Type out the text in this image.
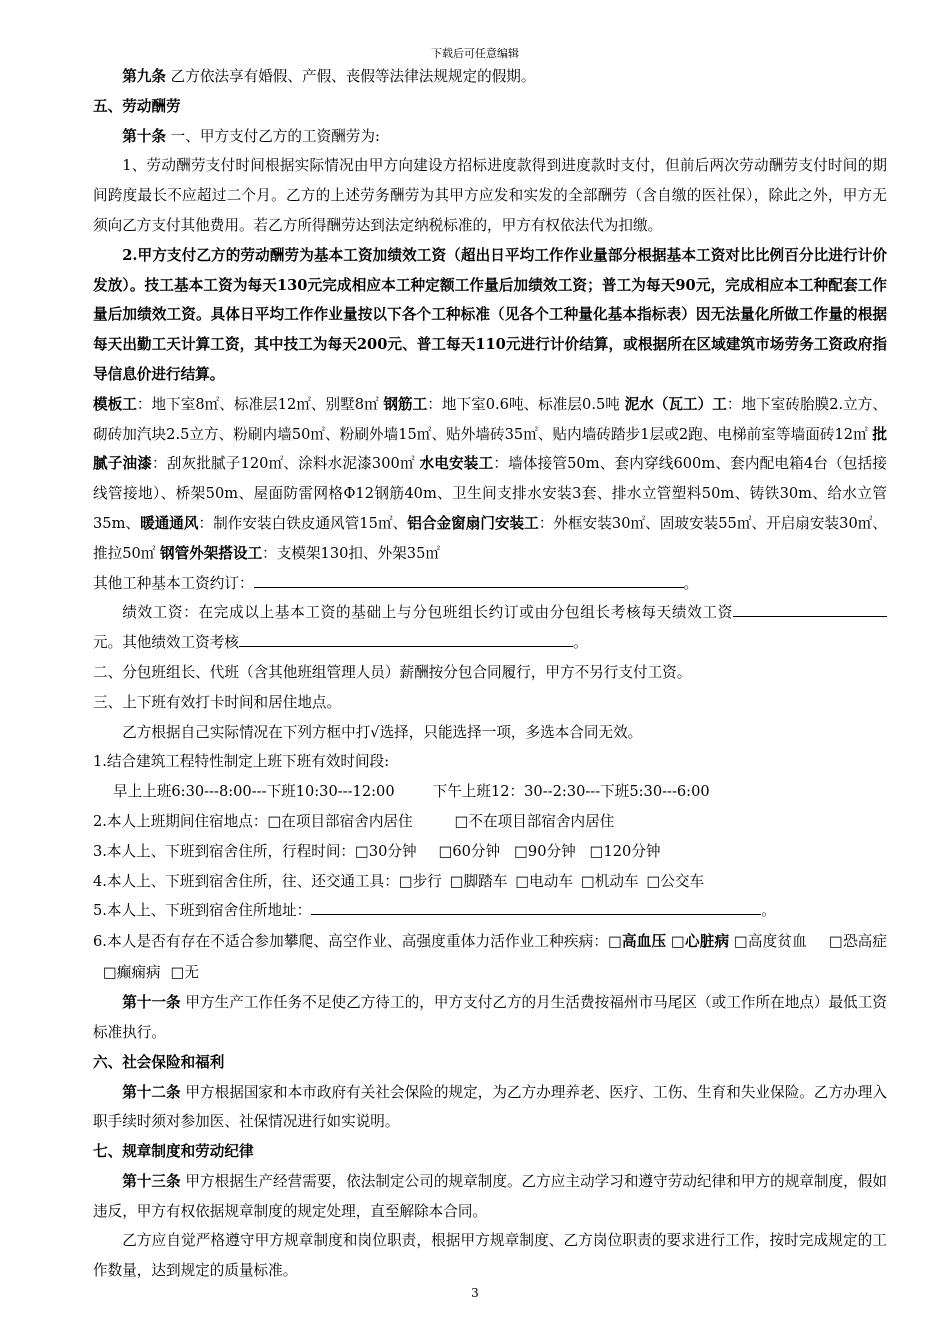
下载后可任意编辑

第九条 乙方依法享有婚假、产假、丧假等法律法规规定的假期。

五、劳动酬劳

第十条 一、甲方支付乙方的工资酬劳为:

1、劳动酬劳支付时间根据实际情况由甲方向建设方招标进度款得到进度款时支付，但前后两次劳动酬劳支付时间的期间跨度最长不应超过二个月。乙方的上述劳务酬劳为其甲方应发和实发的全部酬劳（含自缴的医社保），除此之外，甲方无须向乙方支付其他费用。若乙方所得酬劳达到法定纳税标准的，甲方有权依法代为扣缴。

2.甲方支付乙方的劳动酬劳为基本工资加绩效工资（超出日平均工作作业量部分根据基本工资对比比例百分比进行计价发放）。技工基本工资为每天130元完成相应本工种定额工作量后加绩效工资；普工为每天90元，完成相应本工种配套工作量后加绩效工资。具体日平均工作作业量按以下各个工种标准（见各个工种量化基本指标表）因无法量化所做工作量的根据每天出勤工天计算工资，其中技工为每天200元、普工每天110元进行计价结算，或根据所在区域建筑市场劳务工资政府指导信息价进行结算。

模板工：地下室8㎡、标准层12㎡、别墅8㎡ 钢筋工：地下室0.6吨、标准层0.5吨 泥水（瓦工）工：地下室砖胎膜2.立方、砌砖加汽块2.5立方、粉刷内墙50㎡、粉刷外墙15㎡、贴外墙砖35㎡、贴内墙砖踏步1层或2跑、电梯前室等墙面砖12㎡ 批腻子油漆：刮灰批腻子120㎡、涂料水泥漆300㎡ 水电安装工：墙体接管50m、套内穿线600m、套内配电箱4台（包括接线管接地）、桥架50m、屋面防雷网格Φ12钢筋40m、卫生间支排水安装3套、排水立管塑料50m、铸铁30m、给水立管35m、暖通通风：制作安装白铁皮通风管15㎡、铝合金窗扇门安装工：外框安装30㎡、固玻安装55㎡、开启扇安装30㎡、推拉50㎡ 钢管外架搭设工：支模架130扣、外架35㎡

其他工种基本工资约订：	。

绩效工资：在完成以上基本工资的基础上与分包班组长约订或由分包组长考核每天绩效工资元。其他绩效工资考核	。

二、分包班组长、代班（含其他班组管理人员）薪酬按分包合同履行，甲方不另行支付工资。

三、上下班有效打卡时间和居住地点。

乙方根据自己实际情况在下列方框中打√选择，只能选择一项，多选本合同无效。

1.结合建筑工程特性制定上班下班有效时间段:

早上上班6:30---8:00---下班10:30---12:00	下午上班12：30--2:30---下班5:30---6:00

2.本人上班期间住宿地点：□在项目部宿舍内居住	□不在项目部宿舍内居住

3.本人上、下班到宿舍住所，行程时间：□30分钟 □60分钟 □90分钟 □120分钟

4.本人上、下班到宿舍住所，往、还交通工具：□步行 □脚踏车 □电动车 □机动车 □公交车

5.本人上、下班到宿舍住所地址：	。

6.本人是否有存在不适合参加攀爬、高空作业、高强度重体力活作业工种疾病：□高血压 □心脏病 □高度贫血 □恐高症□癫痫病 □无

第十一条 甲方生产工作任务不足使乙方待工的，甲方支付乙方的月生活费按福州市马尾区（或工作所在地点）最低工资标准执行。

六、社会保险和福利

第十二条 甲方根据国家和本市政府有关社会保险的规定，为乙方办理养老、医疗、工伤、生育和失业保险。乙方办理入职手续时须对参加医、社保情况进行如实说明。

七、规章制度和劳动纪律

第十三条 甲方根据生产经营需要，依法制定公司的规章制度。乙方应主动学习和遵守劳动纪律和甲方的规章制度，假如违反，甲方有权依据规章制度的规定处理，直至解除本合同。

乙方应自觉严格遵守甲方规章制度和岗位职责，根据甲方规章制度、乙方岗位职责的要求进行工作，按时完成规定的工作数量，达到规定的质量标准。

3
